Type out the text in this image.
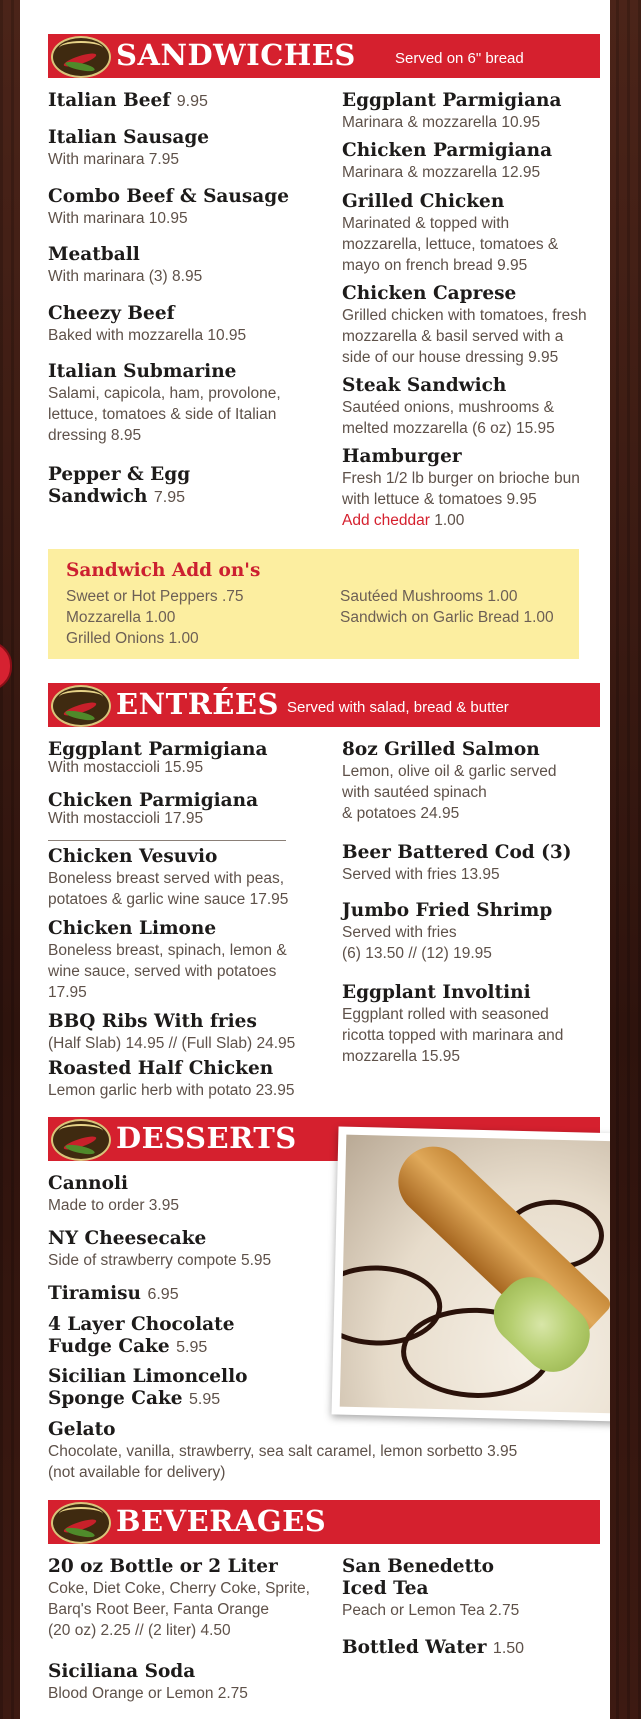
SANDWICHES	Served on 6" bread
Italian Beef 9.95
Italian Sausage
With marinara 7.95
Combo Beef & Sausage
With marinara 10.95
Meatball
With marinara (3) 8.95
Cheezy Beef
Baked with mozzarella 10.95
Italian Submarine
Salami, capicola, ham, provolone,
lettuce, tomatoes & side of Italian
dressing 8.95
Pepper & Egg
Sandwich 7.95
Eggplant Parmigiana
Marinara & mozzarella 10.95
Chicken Parmigiana
Marinara & mozzarella 12.95
Grilled Chicken
Marinated & topped with
mozzarella, lettuce, tomatoes &
mayo on french bread 9.95
Chicken Caprese
Grilled chicken with tomatoes, fresh
mozzarella & basil served with a
side of our house dressing 9.95
Steak Sandwich
Sautéed onions, mushrooms &
melted mozzarella (6 oz) 15.95
Hamburger
Fresh 1/2 lb burger on brioche bun
with lettuce & tomatoes 9.95
Add cheddar 1.00
Sandwich Add on's
Sweet or Hot Peppers .75
Mozzarella 1.00
Grilled Onions 1.00
Sautéed Mushrooms 1.00
Sandwich on Garlic Bread 1.00
ENTRÉES Served with salad, bread & butter
Eggplant Parmigiana
With mostaccioli 15.95
Chicken Parmigiana
With mostaccioli 17.95
Chicken Vesuvio
Boneless breast served with peas,
potatoes & garlic wine sauce 17.95
Chicken Limone
Boneless breast, spinach, lemon &
wine sauce, served with potatoes
17.95
BBQ Ribs With fries
(Half Slab) 14.95 // (Full Slab) 24.95
Roasted Half Chicken
Lemon garlic herb with potato 23.95
8oz Grilled Salmon
Lemon, olive oil & garlic served
with sautéed spinach
& potatoes 24.95
Beer Battered Cod (3)
Served with fries 13.95
Jumbo Fried Shrimp
Served with fries
(6) 13.50 // (12) 19.95
Eggplant Involtini
Eggplant rolled with seasoned
ricotta topped with marinara and
mozzarella 15.95
DESSERTS
Cannoli
Made to order 3.95
NY Cheesecake
Side of strawberry compote 5.95
Tiramisu 6.95
4 Layer Chocolate
Fudge Cake 5.95
Sicilian Limoncello
Sponge Cake 5.95
Gelato
Chocolate, vanilla, strawberry, sea salt caramel, lemon sorbetto 3.95
(not available for delivery)
BEVERAGES
20 oz Bottle or 2 Liter
Coke, Diet Coke, Cherry Coke, Sprite,
Barq's Root Beer, Fanta Orange
(20 oz) 2.25 // (2 liter) 4.50
Siciliana Soda
Blood Orange or Lemon 2.75
San Benedetto
Iced Tea
Peach or Lemon Tea 2.75
Bottled Water 1.50
